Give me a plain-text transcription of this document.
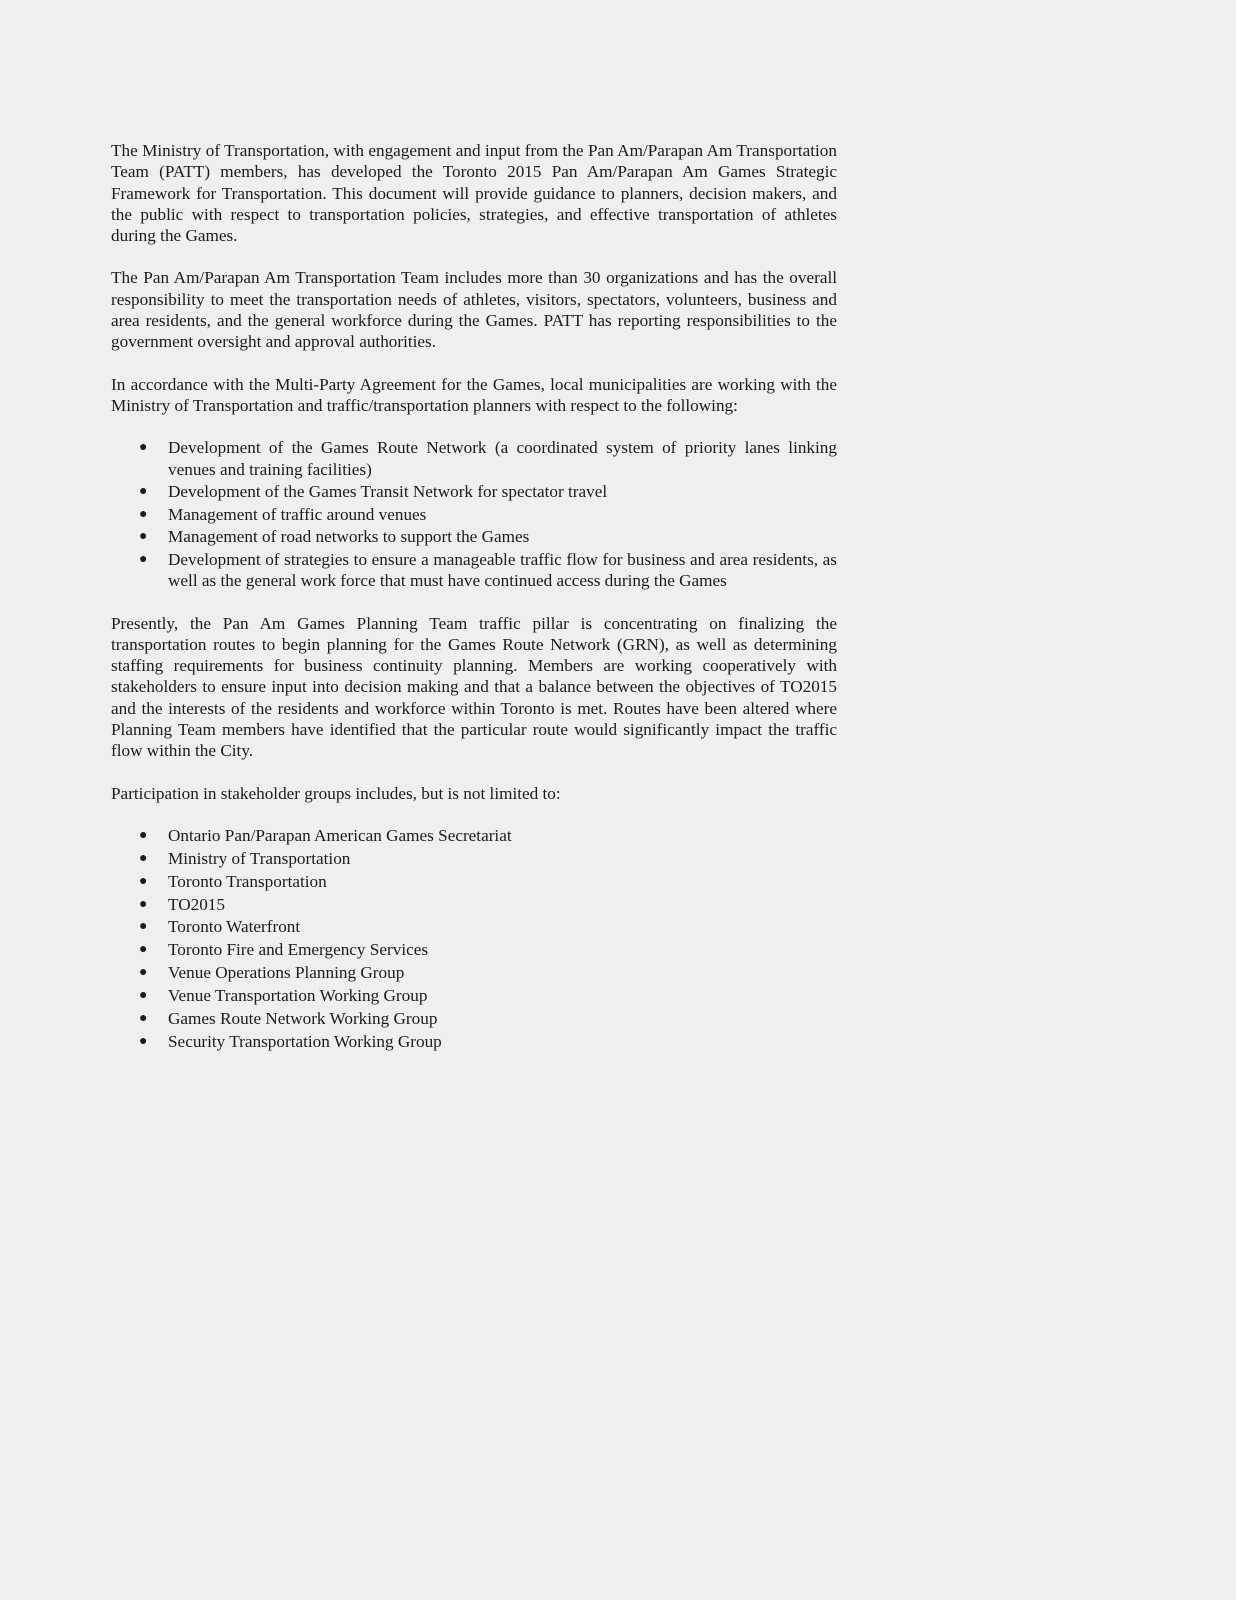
The Ministry of Transportation, with engagement and input from the Pan Am/Parapan Am Transportation Team (PATT) members, has developed the Toronto 2015 Pan Am/Parapan Am Games Strategic Framework for Transportation. This document will provide guidance to planners, decision makers, and the public with respect to transportation policies, strategies, and effective transportation of athletes during the Games.

The Pan Am/Parapan Am Transportation Team includes more than 30 organizations and has the overall responsibility to meet the transportation needs of athletes, visitors, spectators, volunteers, business and area residents, and the general workforce during the Games. PATT has reporting responsibilities to the government oversight and approval authorities.

In accordance with the Multi-Party Agreement for the Games, local municipalities are working with the Ministry of Transportation and traffic/transportation planners with respect to the following:

● Development of the Games Route Network (a coordinated system of priority lanes linking venues and training facilities)
● Development of the Games Transit Network for spectator travel
● Management of traffic around venues
● Management of road networks to support the Games
● Development of strategies to ensure a manageable traffic flow for business and area residents, as well as the general work force that must have continued access during the Games

Presently, the Pan Am Games Planning Team traffic pillar is concentrating on finalizing the transportation routes to begin planning for the Games Route Network (GRN), as well as determining staffing requirements for business continuity planning. Members are working cooperatively with stakeholders to ensure input into decision making and that a balance between the objectives of TO2015 and the interests of the residents and workforce within Toronto is met. Routes have been altered where Planning Team members have identified that the particular route would significantly impact the traffic flow within the City.

Participation in stakeholder groups includes, but is not limited to:

● Ontario Pan/Parapan American Games Secretariat
● Ministry of Transportation
● Toronto Transportation
● TO2015
● Toronto Waterfront
● Toronto Fire and Emergency Services
● Venue Operations Planning Group
● Venue Transportation Working Group
● Games Route Network Working Group
● Security Transportation Working Group
